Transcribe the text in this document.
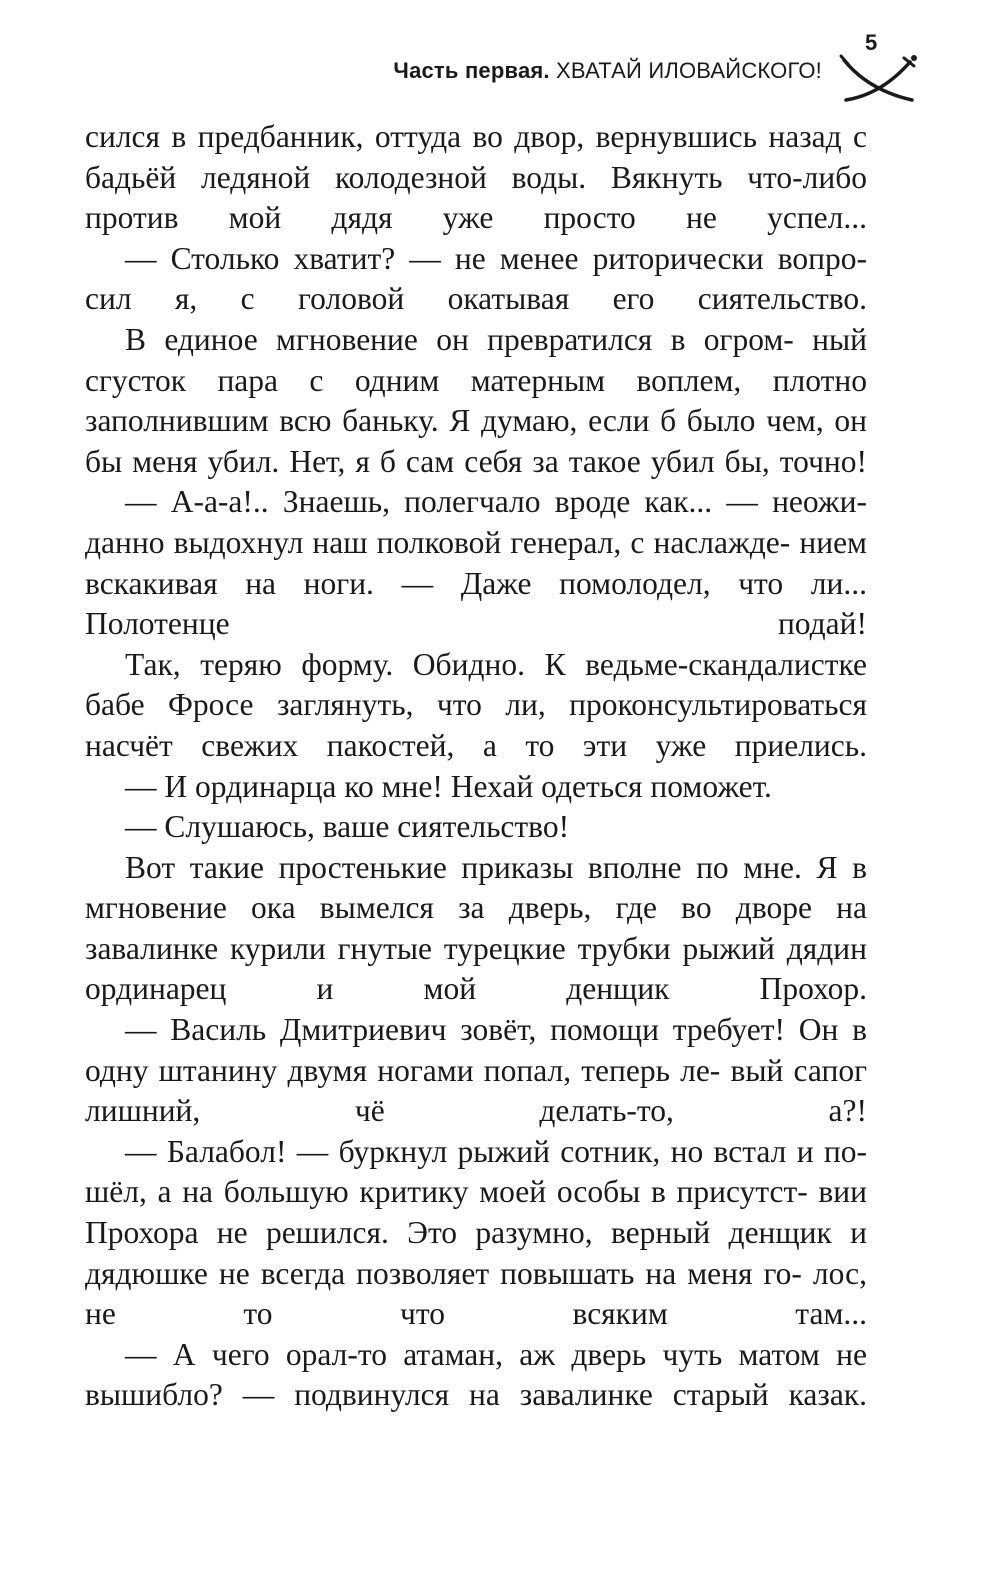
Часть первая. ХВАТАЙ ИЛОВАЙСКОГО!
5

сился в предбанник, оттуда во двор, вернувшись назад с бадьёй ледяной колодезной воды. Вякнуть что-либо против мой дядя уже просто не успел...

— Столько хватит? — не менее риторически вопро- сил я, с головой окатывая его сиятельство.

В единое мгновение он превратился в огром- ный сгусток пара с одним матерным воплем, плотно заполнившим всю баньку. Я думаю, если б было чем, он бы меня убил. Нет, я б сам себя за такое убил бы, точно!

— А-а-а!.. Знаешь, полегчало вроде как... — неожи- данно выдохнул наш полковой генерал, с наслажде- нием вскакивая на ноги. — Даже помолодел, что ли... Полотенце подай!

Так, теряю форму. Обидно. К ведьме-скандалистке бабе Фросе заглянуть, что ли, проконсультироваться насчёт свежих пакостей, а то эти уже приелись.

— И ординарца ко мне! Нехай одеться поможет.

— Слушаюсь, ваше сиятельство!

Вот такие простенькие приказы вполне по мне. Я в мгновение ока вымелся за дверь, где во дворе на завалинке курили гнутые турецкие трубки рыжий дядин ординарец и мой денщик Прохор.

— Василь Дмитриевич зовёт, помощи требует! Он в одну штанину двумя ногами попал, теперь ле- вый сапог лишний, чё делать-то, а?!

— Балабол! — буркнул рыжий сотник, но встал и по- шёл, а на большую критику моей особы в присутст- вии Прохора не решился. Это разумно, верный денщик и дядюшке не всегда позволяет повышать на меня го- лос, не то что всяким там...

— А чего орал-то атаман, аж дверь чуть матом не вышибло? — подвинулся на завалинке старый казак.
